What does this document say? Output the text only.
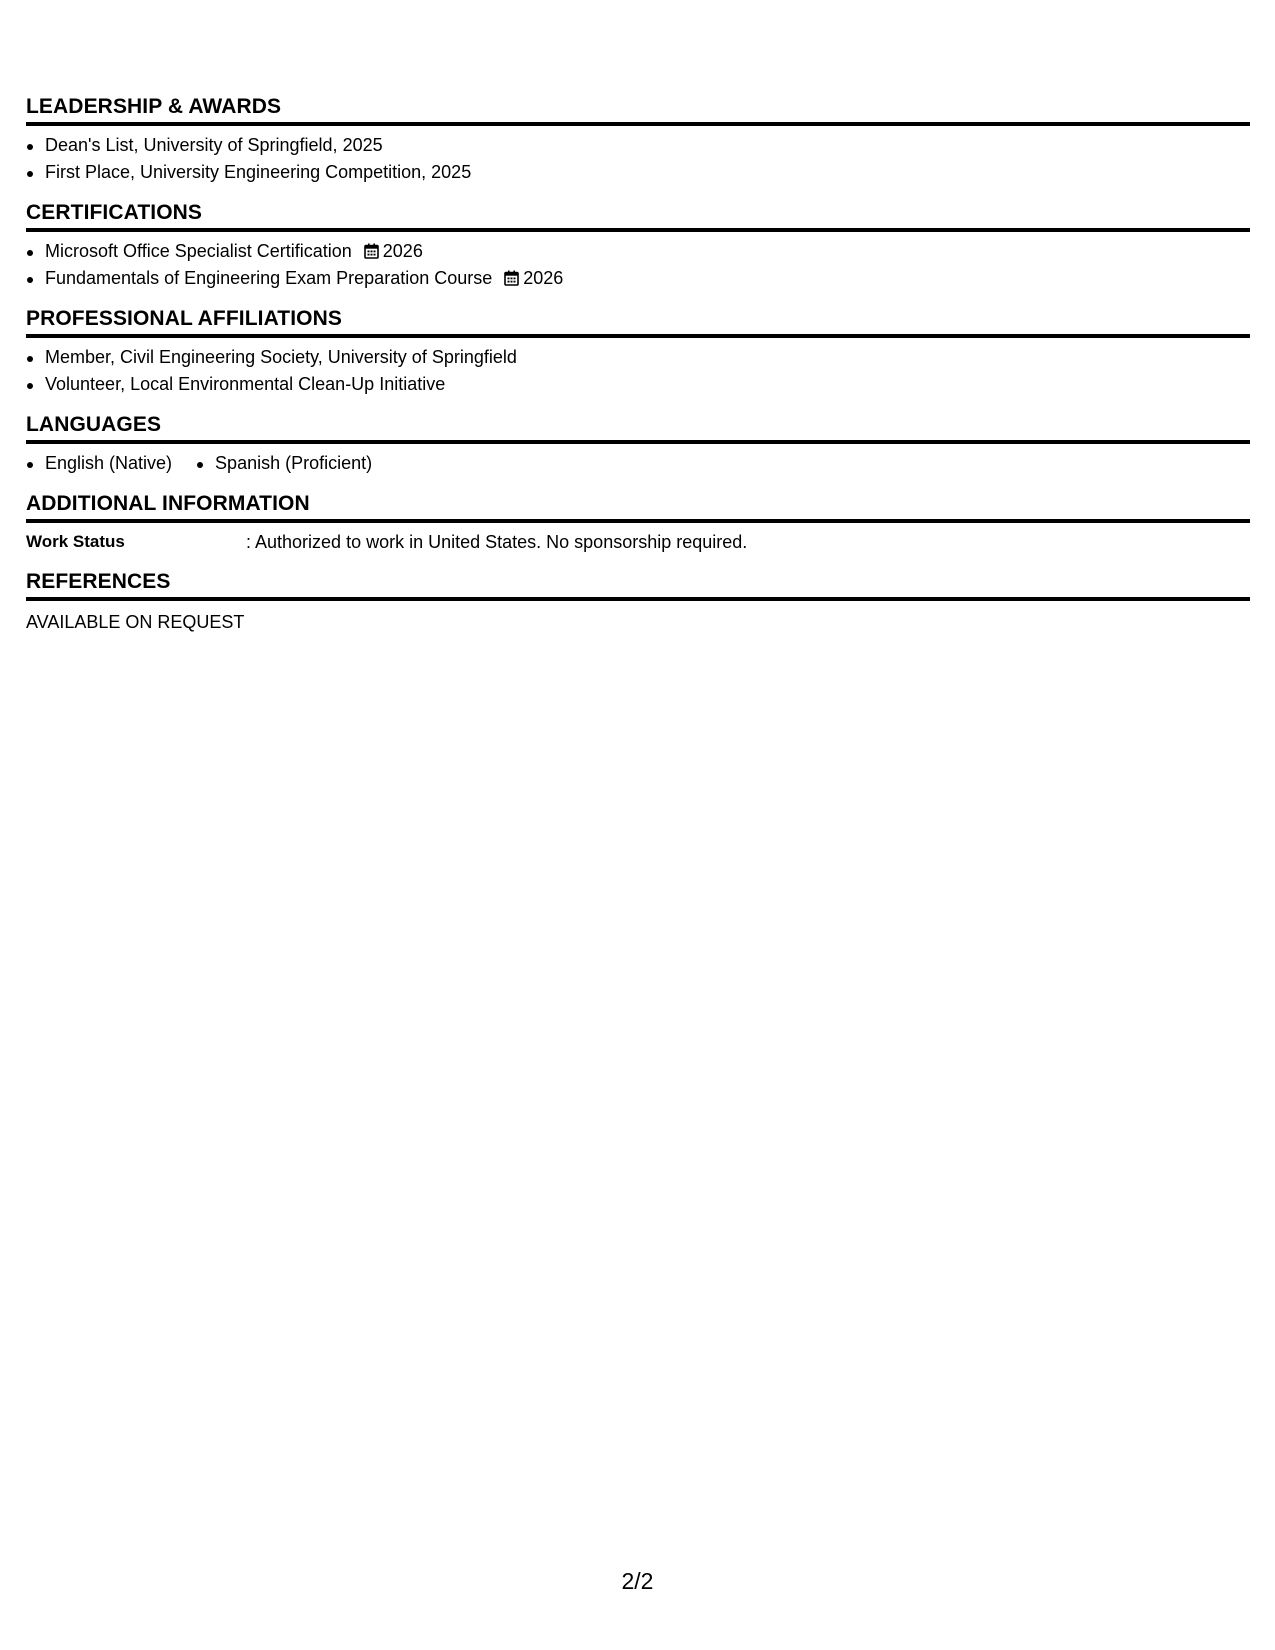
LEADERSHIP & AWARDS
Dean's List, University of Springfield, 2025
First Place, University Engineering Competition, 2025
CERTIFICATIONS
Microsoft Office Specialist Certification 2026
Fundamentals of Engineering Exam Preparation Course 2026
PROFESSIONAL AFFILIATIONS
Member, Civil Engineering Society, University of Springfield
Volunteer, Local Environmental Clean-Up Initiative
LANGUAGES
English (Native)	Spanish (Proficient)
ADDITIONAL INFORMATION
Work Status	: Authorized to work in United States. No sponsorship required.
REFERENCES
AVAILABLE ON REQUEST
2/2
